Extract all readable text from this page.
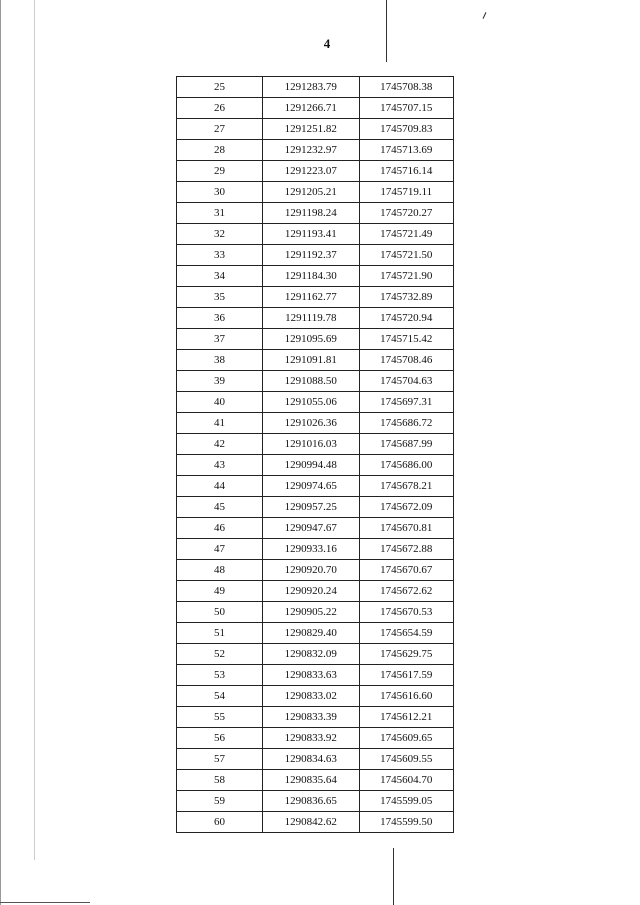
4
25	1291283.79	1745708.38
26	1291266.71	1745707.15
27	1291251.82	1745709.83
28	1291232.97	1745713.69
29	1291223.07	1745716.14
30	1291205.21	1745719.11
31	1291198.24	1745720.27
32	1291193.41	1745721.49
33	1291192.37	1745721.50
34	1291184.30	1745721.90
35	1291162.77	1745732.89
36	1291119.78	1745720.94
37	1291095.69	1745715.42
38	1291091.81	1745708.46
39	1291088.50	1745704.63
40	1291055.06	1745697.31
41	1291026.36	1745686.72
42	1291016.03	1745687.99
43	1290994.48	1745686.00
44	1290974.65	1745678.21
45	1290957.25	1745672.09
46	1290947.67	1745670.81
47	1290933.16	1745672.88
48	1290920.70	1745670.67
49	1290920.24	1745672.62
50	1290905.22	1745670.53
51	1290829.40	1745654.59
52	1290832.09	1745629.75
53	1290833.63	1745617.59
54	1290833.02	1745616.60
55	1290833.39	1745612.21
56	1290833.92	1745609.65
57	1290834.63	1745609.55
58	1290835.64	1745604.70
59	1290836.65	1745599.05
60	1290842.62	1745599.50
